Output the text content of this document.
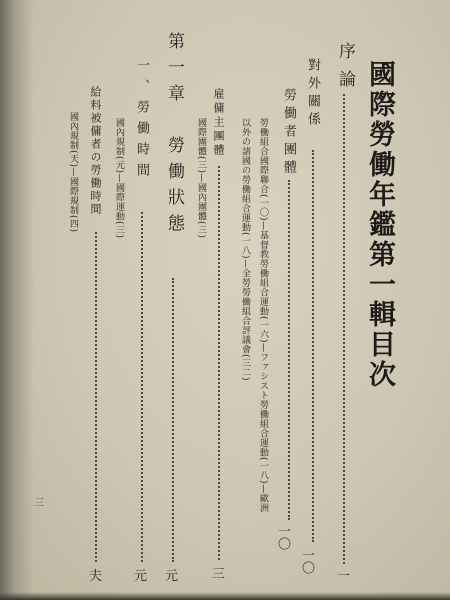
國際勞働年鑑第一輯目次
序
論
一
對外關係
一〇
勞働者團體
一〇
勞働組合國際聯合(一〇)—基督教勞働組合運動(一六)—ファシスト勞働組合運動(一八)—歐洲
以外の諸國の勞働組合運動(一八)—全勞勞働組合評議會(三二)
雇傭主團體
三
國際團體(三)—國內團體(三)
第一章　勞働狀態
元
一、勞働時間
元
國內規制(元)—國際運動(三)
給料被傭者の勞働時間
夫
國內規制(天)—國際規制(四)
三
